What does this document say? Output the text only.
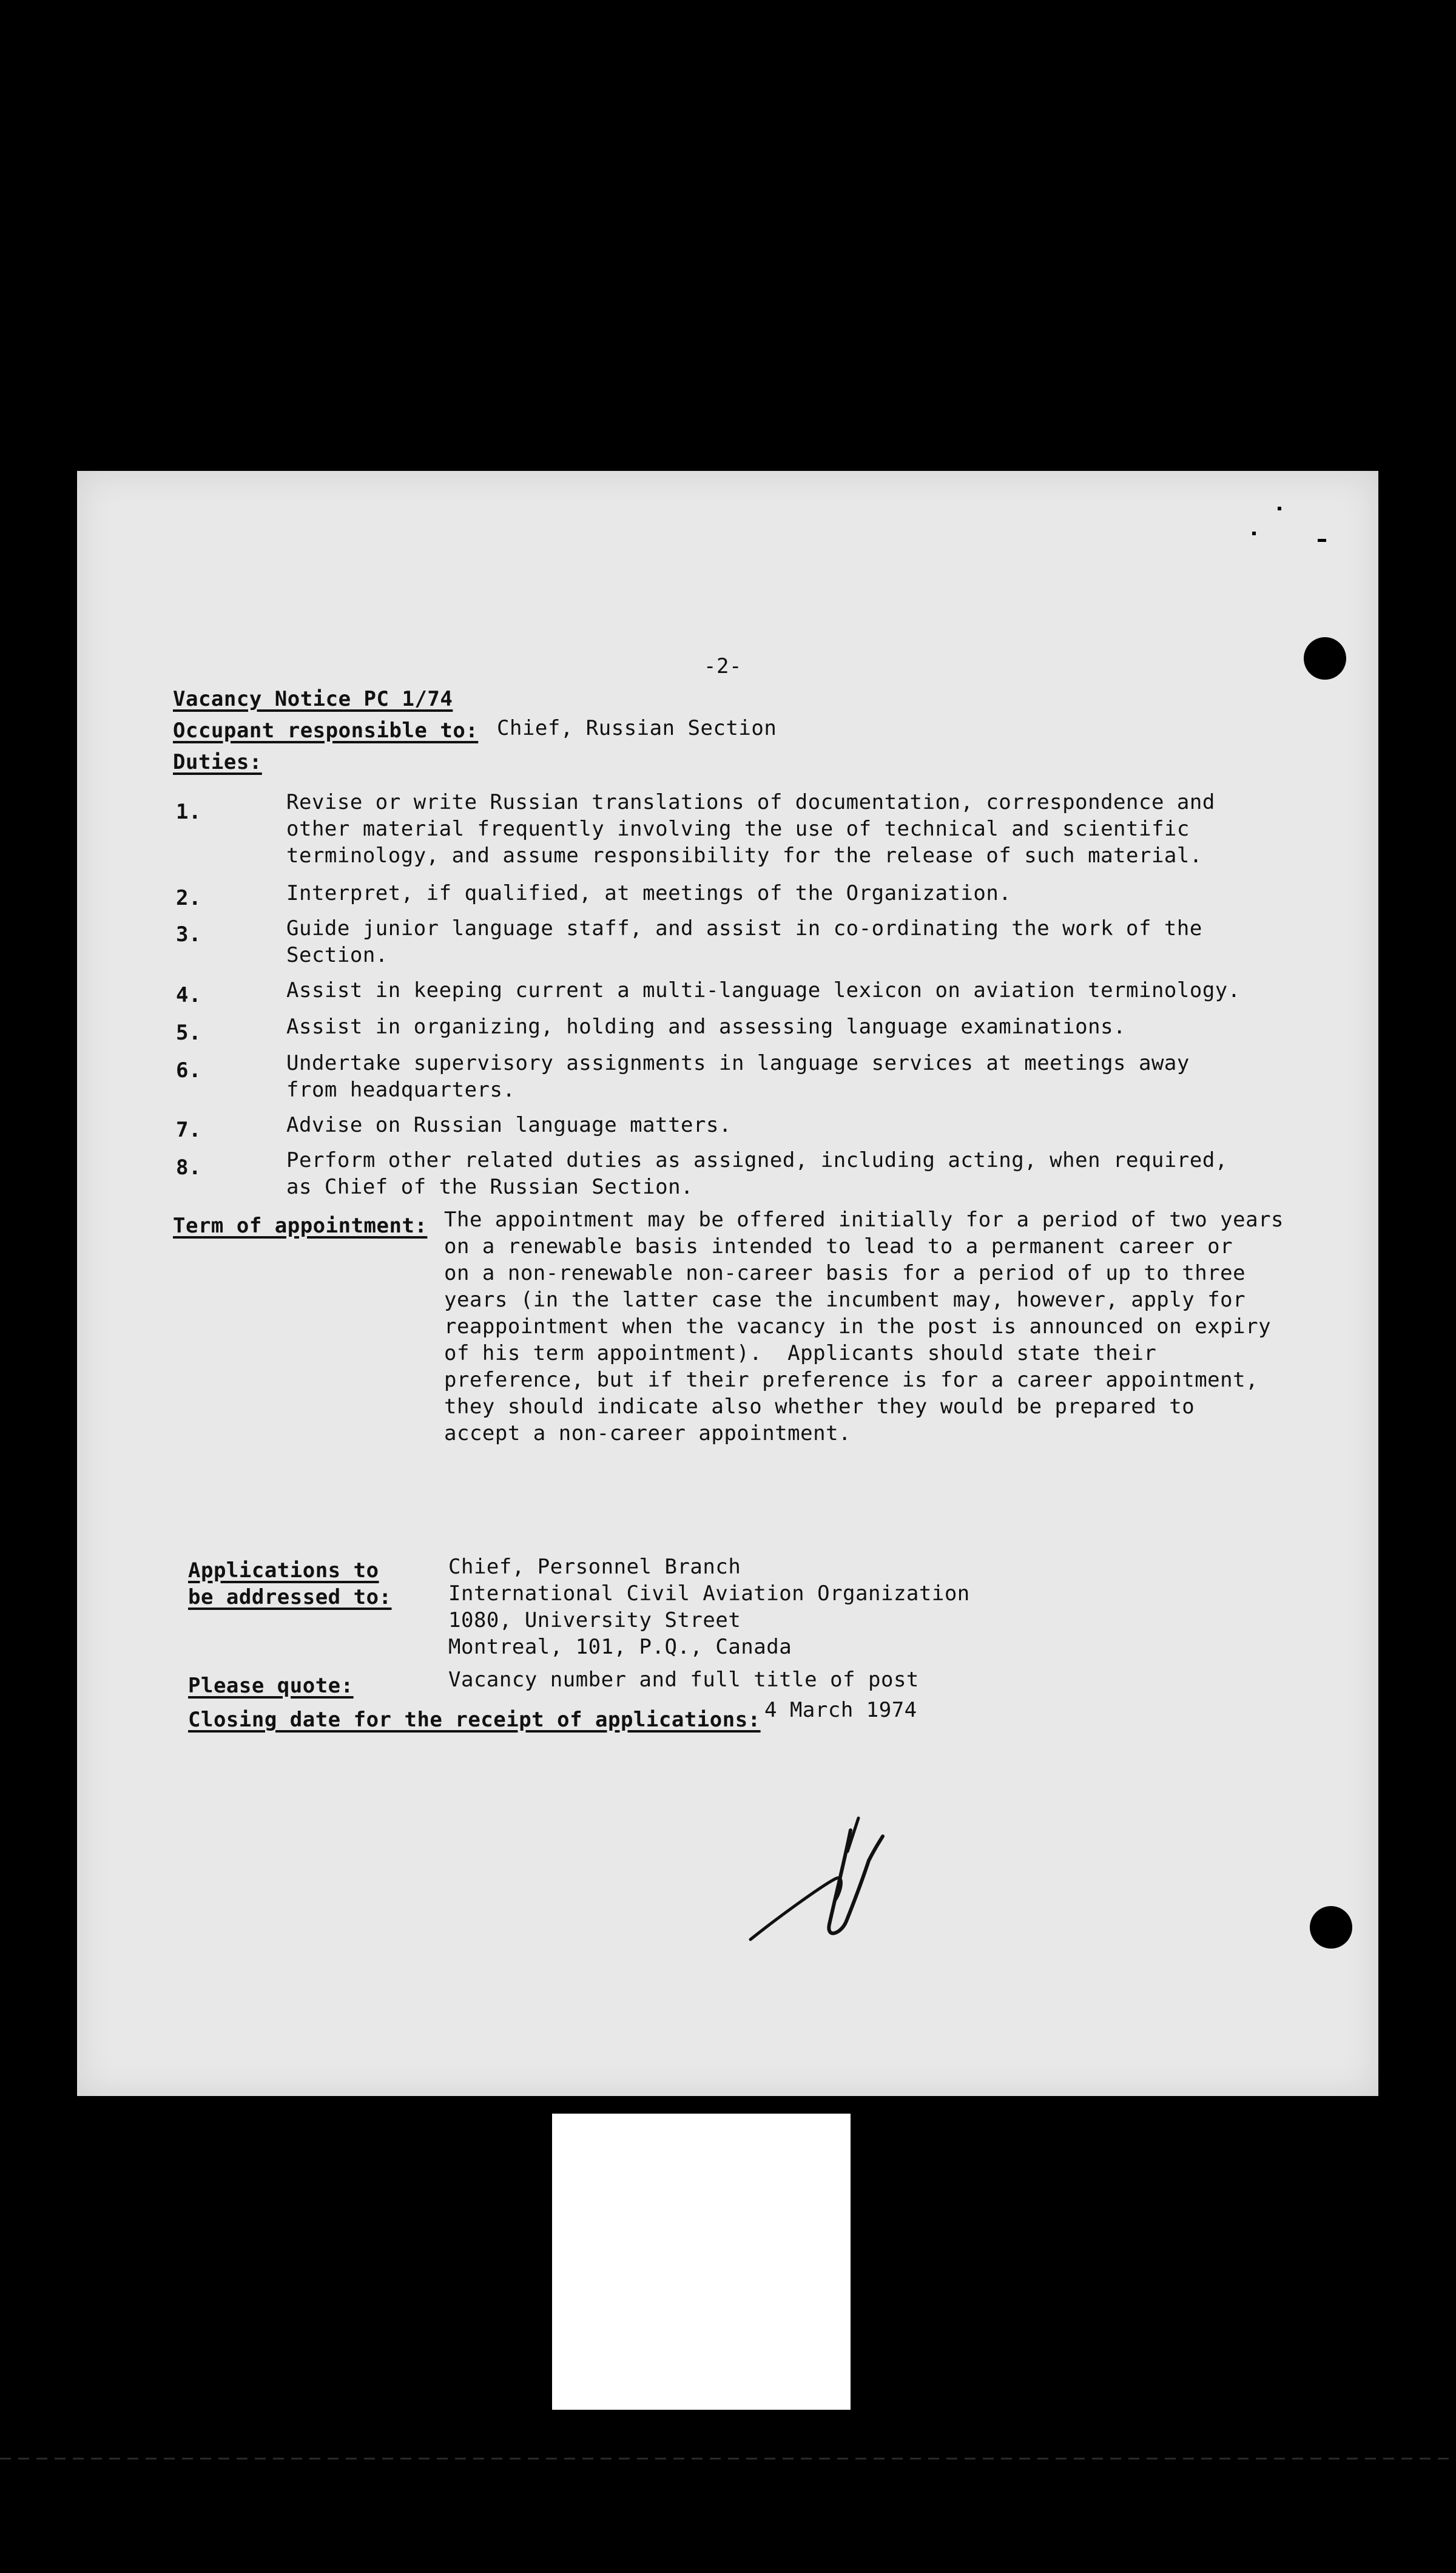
-2-
Vacancy Notice PC 1/74
Occupant responsible to: Chief, Russian Section
Duties:
1.	Revise or write Russian translations of documentation, correspondence and
other material frequently involving the use of technical and scientific
terminology, and assume responsibility for the release of such material.
2.	Interpret, if qualified, at meetings of the Organization.
3.	Guide junior language staff, and assist in co-ordinating the work of the
Section.
4.	Assist in keeping current a multi-language lexicon on aviation terminology.
5.	Assist in organizing, holding and assessing language examinations.
6.	Undertake supervisory assignments in language services at meetings away
from headquarters.
7.	Advise on Russian language matters.
8.	Perform other related duties as assigned, including acting, when required,
as Chief of the Russian Section.
Term of appointment: The appointment may be offered initially for a period of two years
on a renewable basis intended to lead to a permanent career or
on a non-renewable non-career basis for a period of up to three
years (in the latter case the incumbent may, however, apply for
reappointment when the vacancy in the post is announced on expiry
of his term appointment).  Applicants should state their
preference, but if their preference is for a career appointment,
they should indicate also whether they would be prepared to
accept a non-career appointment.
Applications to
be addressed to:
Chief, Personnel Branch
International Civil Aviation Organization
1080, University Street
Montreal, 101, P.Q., Canada
Please quote:	Vacancy number and full title of post
Closing date for the receipt of applications: 4 March 1974
